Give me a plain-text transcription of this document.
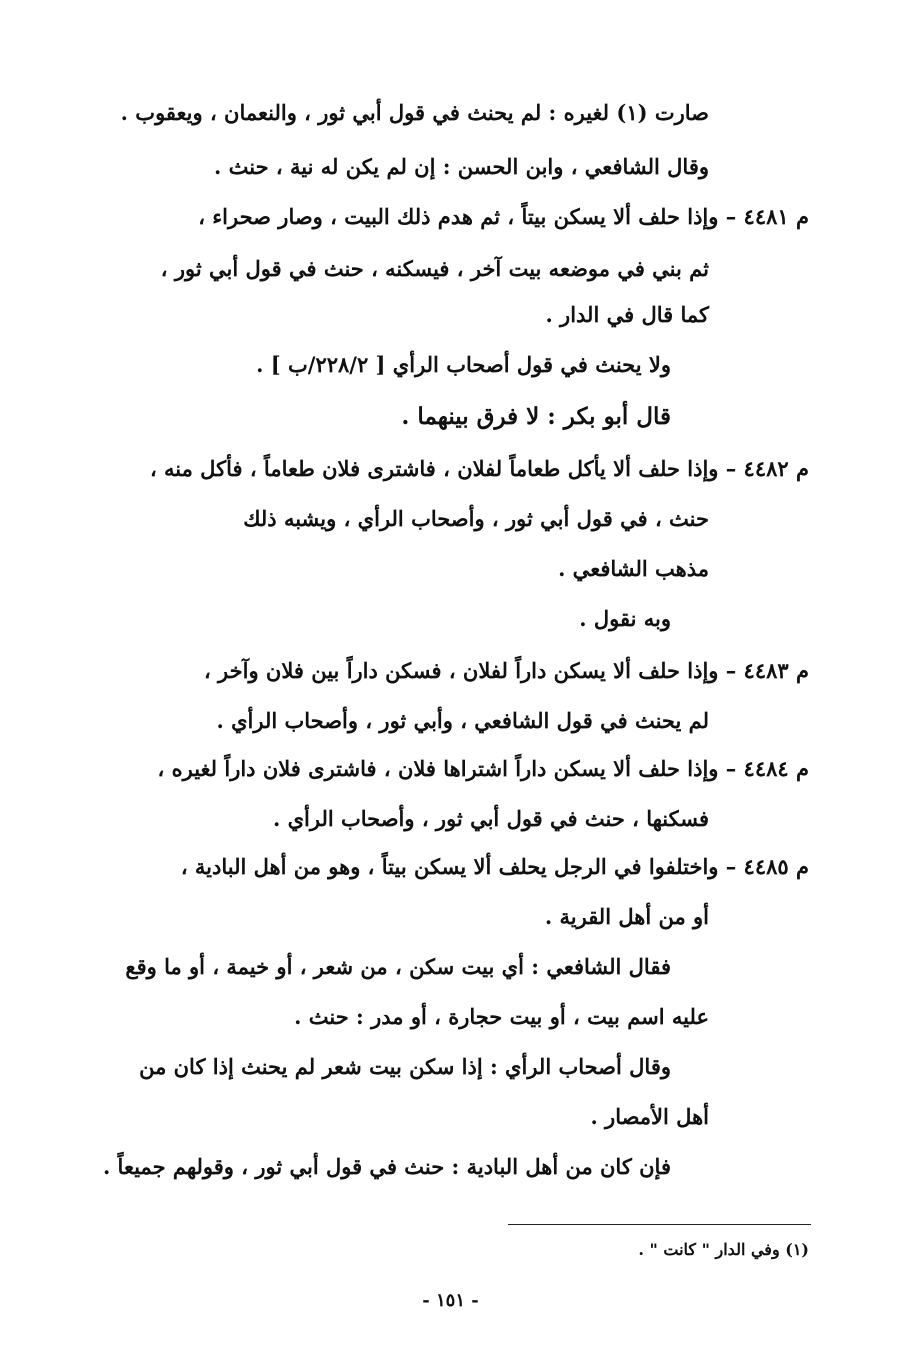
صارت (١) لغيره : لم يحنث في قول أبي ثور ، والنعمان ، ويعقوب .
وقال الشافعي ، وابن الحسن : إن لم يكن له نية ، حنث .
م ٤٤٨١ – وإذا حلف ألا يسكن بيتاً ، ثم هدم ذلك البيت ، وصار صحراء ،
ثم بني في موضعه بيت آخر ، فيسكنه ، حنث في قول أبي ثور ،
كما قال في الدار .
ولا يحنث في قول أصحاب الرأي [ ٢٢٨/٢/ب ] .
قال أبو بكر : لا فرق بينهما .
م ٤٤٨٢ – وإذا حلف ألا يأكل طعاماً لفلان ، فاشترى فلان طعاماً ، فأكل منه ،
حنث ، في قول أبي ثور ، وأصحاب الرأي ، ويشبه ذلك
مذهب الشافعي .
وبه نقول .
م ٤٤٨٣ – وإذا حلف ألا يسكن داراً لفلان ، فسكن داراً بين فلان وآخر ،
لم يحنث في قول الشافعي ، وأبي ثور ، وأصحاب الرأي .
م ٤٤٨٤ – وإذا حلف ألا يسكن داراً اشتراها فلان ، فاشترى فلان داراً لغيره ،
فسكنها ، حنث في قول أبي ثور ، وأصحاب الرأي .
م ٤٤٨٥ – واختلفوا في الرجل يحلف ألا يسكن بيتاً ، وهو من أهل البادية ،
أو من أهل القرية .
فقال الشافعي : أي بيت سكن ، من شعر ، أو خيمة ، أو ما وقع
عليه اسم بيت ، أو بيت حجارة ، أو مدر : حنث .
وقال أصحاب الرأي : إذا سكن بيت شعر لم يحنث إذا كان من
أهل الأمصار .
فإن كان من أهل البادية : حنث في قول أبي ثور ، وقولهم جميعاً .
(١) وفي الدار " كانت " .
- ١٥١ -
